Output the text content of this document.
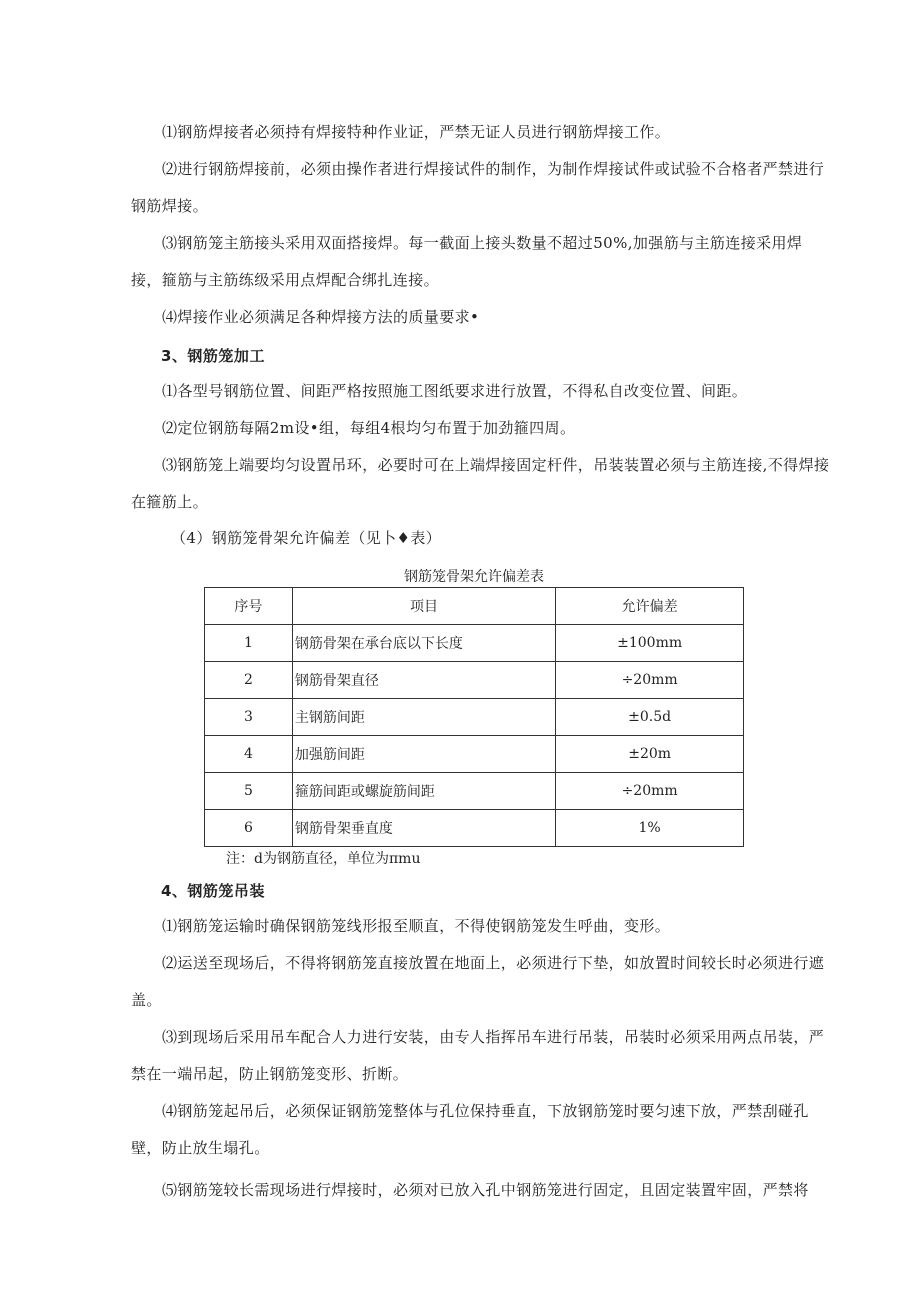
⑴钢筋焊接者必须持有焊接特种作业证，严禁无证人员进行钢筋焊接工作。

⑵进行钢筋焊接前，必须由操作者进行焊接试件的制作，为制作焊接试件或试验不合格者严禁进行钢筋焊接。

⑶钢筋笼主筋接头采用双面搭接焊。每一截面上接头数量不超过50%,加强筋与主筋连接采用焊接，箍筋与主筋练级采用点焊配合绑扎连接。

⑷焊接作业必须满足各种焊接方法的质量要求•

3、钢筋笼加工

⑴各型号钢筋位置、间距严格按照施工图纸要求进行放置，不得私自改变位置、间距。

⑵定位钢筋每隔2m设•组，每组4根均匀布置于加劲箍四周。

⑶钢筋笼上端要均匀设置吊环，必要时可在上端焊接固定杆件，吊装装置必须与主筋连接,不得焊接在箍筋上。

（4）钢筋笼骨架允许偏差（见卜♦表）

钢筋笼骨架允许偏差表

序号	项目	允许偏差
1	钢筋骨架在承台底以下长度	±100mm
2	钢筋骨架直径	÷20mm
3	主钢筋间距	±0.5d
4	加强筋间距	±20m
5	箍筋间距或螺旋筋间距	÷20mm
6	钢筋骨架垂直度	1%

注：d为钢筋直径，单位为πmu

4、钢筋笼吊装

⑴钢筋笼运输时确保钢筋笼线形报至顺直，不得使钢筋笼发生呼曲，变形。

⑵运送至现场后，不得将钢筋笼直接放置在地面上，必须进行下垫，如放置时间较长时必须进行遮盖。

⑶到现场后采用吊车配合人力进行安装，由专人指挥吊车进行吊装，吊装时必须采用两点吊装，严禁在一端吊起，防止钢筋笼变形、折断。

⑷钢筋笼起吊后，必须保证钢筋笼整体与孔位保持垂直，下放钢筋笼时要匀速下放，严禁刮碰孔壁，防止放生塌孔。

⑸钢筋笼较长需现场进行焊接时，必须对已放入孔中钢筋笼进行固定，且固定装置牢固，严禁将
